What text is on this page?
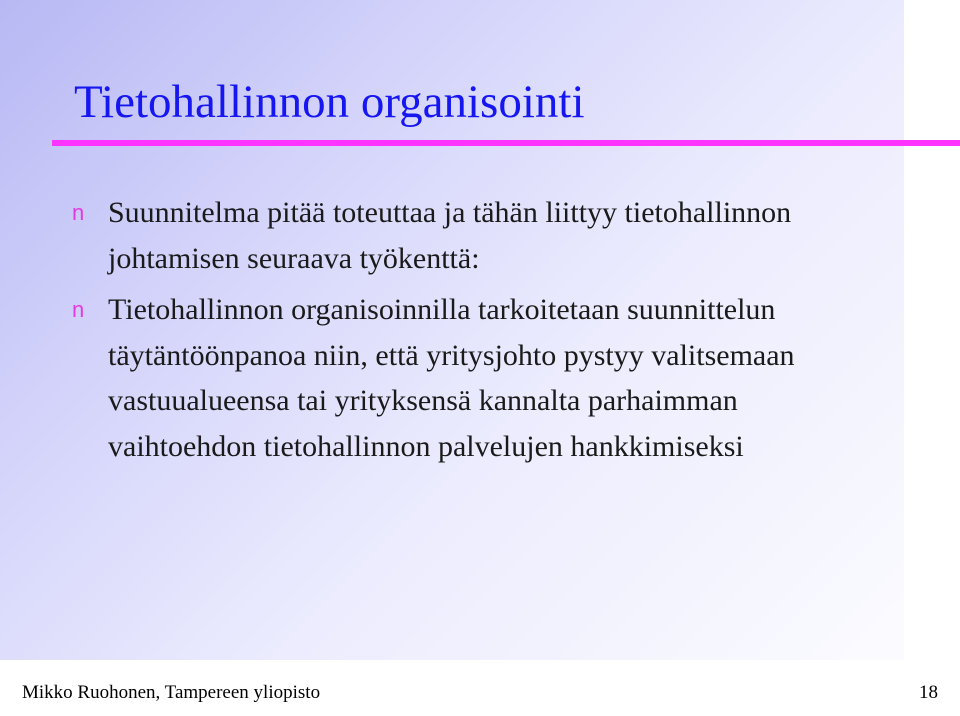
Tietohallinnon organisointi
n Suunnitelma pitää toteuttaa ja tähän liittyy tietohallinnon johtamisen seuraava työkenttä:
n Tietohallinnon organisoinnilla tarkoitetaan suunnittelun täytäntöönpanoa niin, että yritysjohto pystyy valitsemaan vastuualueensa tai yrityksensä kannalta parhaimman vaihtoehdon tietohallinnon palvelujen hankkimiseksi
Mikko Ruohonen, Tampereen yliopisto	18
